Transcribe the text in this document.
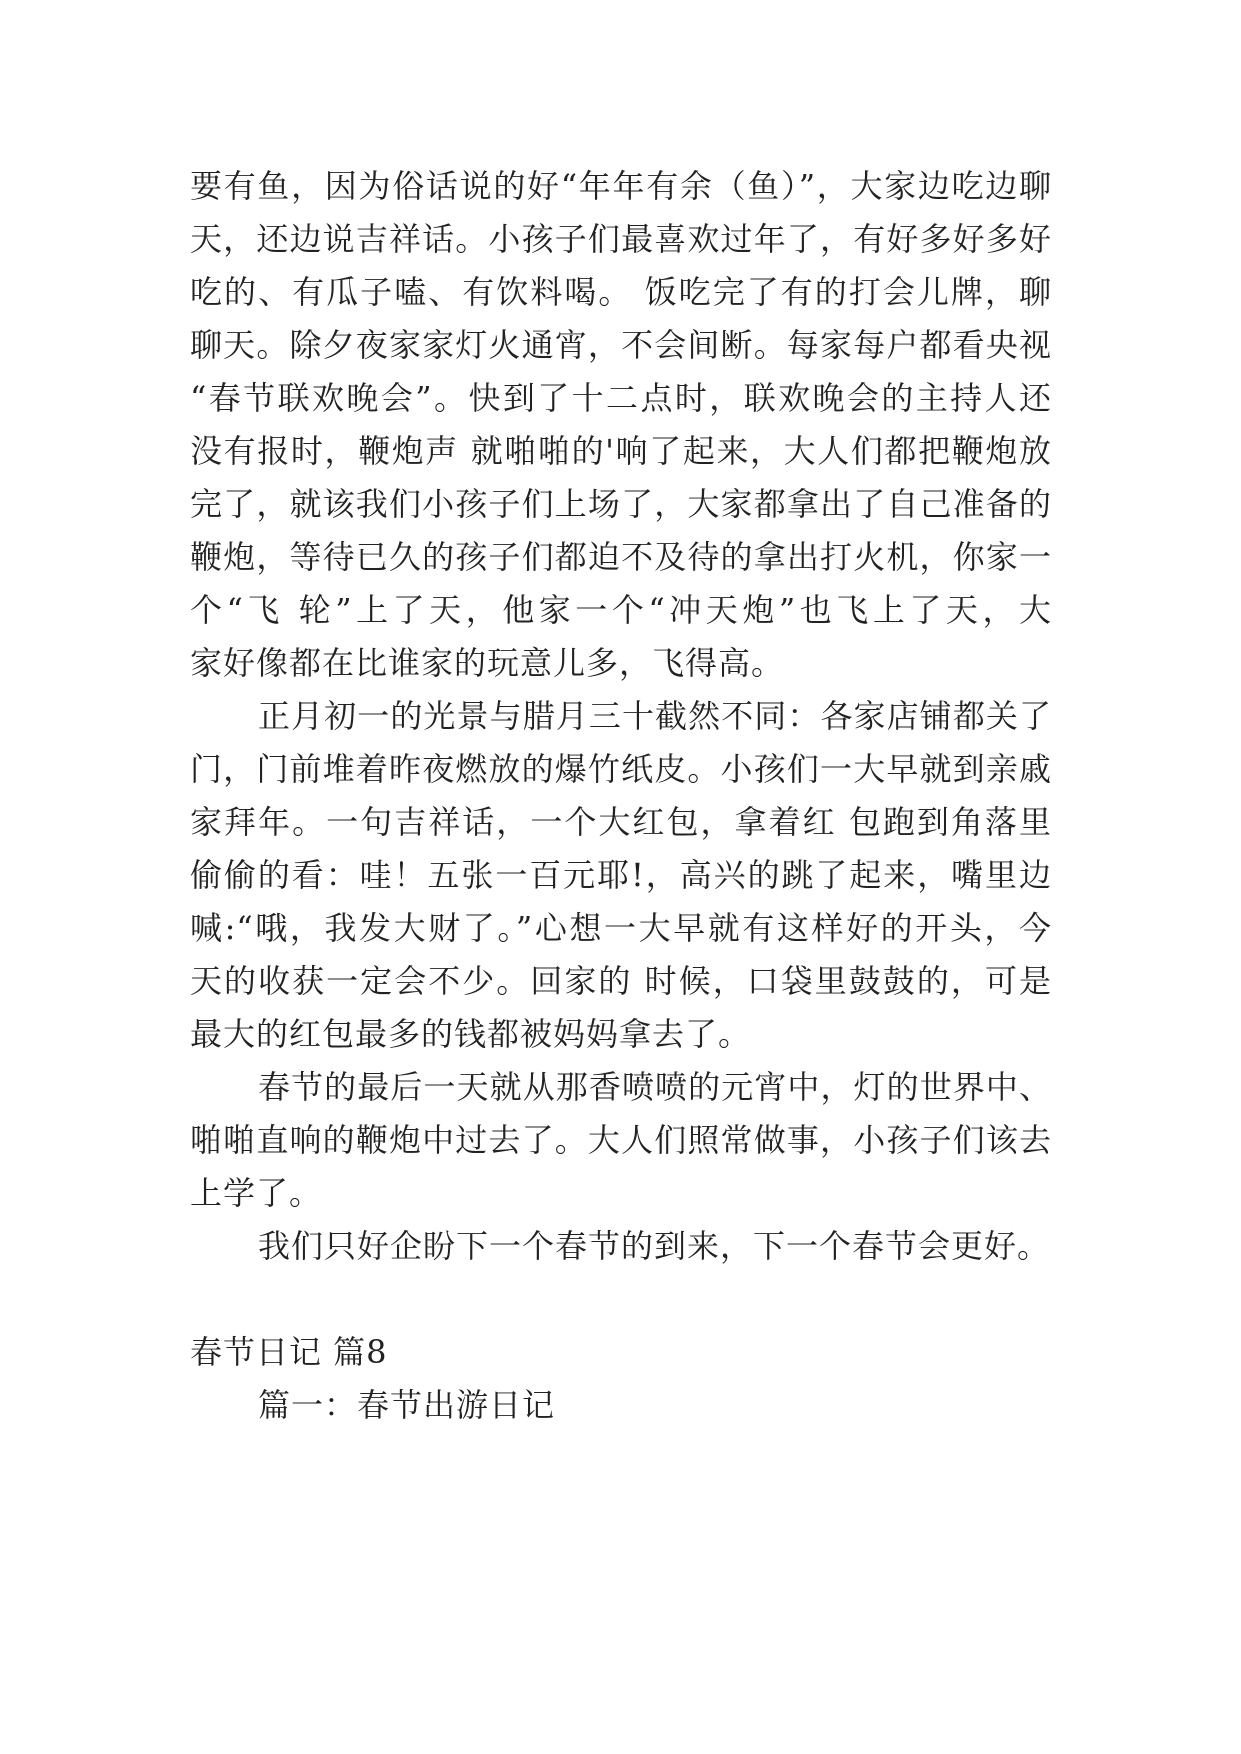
要有鱼，因为俗话说的好“年年有余（鱼）”，大家边吃边聊
天，还边说吉祥话。小孩子们最喜欢过年了，有好多好多好
吃的、有瓜子嗑、有饮料喝。 饭吃完了有的打会儿牌，聊
聊天。除夕夜家家灯火通宵，不会间断。每家每户都看央视
“春节联欢晚会”。快到了十二点时，联欢晚会的主持人还
没有报时，鞭炮声 就啪啪的'响了起来，大人们都把鞭炮放
完了，就该我们小孩子们上场了，大家都拿出了自己准备的
鞭炮，等待已久的孩子们都迫不及待的拿出打火机，你家一
个“飞 轮”上了天，他家一个“冲天炮”也飞上了天，大
家好像都在比谁家的玩意儿多，飞得高。
正月初一的光景与腊月三十截然不同：各家店铺都关了
门，门前堆着昨夜燃放的爆竹纸皮。小孩们一大早就到亲戚
家拜年。一句吉祥话，一个大红包，拿着红 包跑到角落里
偷偷的看：哇！五张一百元耶!，高兴的跳了起来，嘴里边
喊:“哦，我发大财了。”心想一大早就有这样好的开头，今
天的收获一定会不少。回家的 时候，口袋里鼓鼓的，可是
最大的红包最多的钱都被妈妈拿去了。
春节的最后一天就从那香喷喷的元宵中，灯的世界中、
啪啪直响的鞭炮中过去了。大人们照常做事，小孩子们该去
上学了。
我们只好企盼下一个春节的到来，下一个春节会更好。
春节日记 篇8
篇一：春节出游日记
